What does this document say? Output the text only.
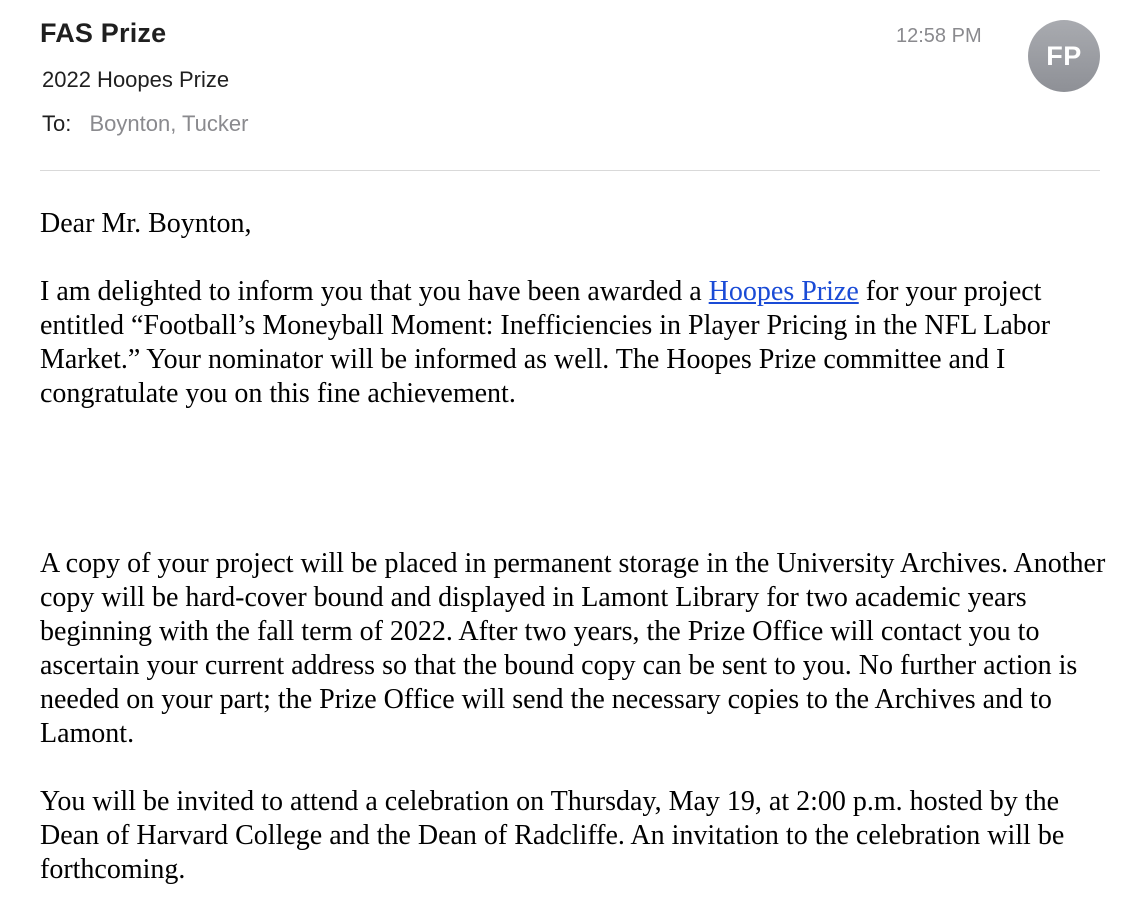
FAS Prize
2022 Hoopes Prize
To: Boynton, Tucker
12:58 PM
FP

Dear Mr. Boynton,

I am delighted to inform you that you have been awarded a Hoopes Prize for your project entitled “Football’s Moneyball Moment: Inefficiencies in Player Pricing in the NFL Labor Market.” Your nominator will be informed as well. The Hoopes Prize committee and I congratulate you on this fine achievement.

A copy of your project will be placed in permanent storage in the University Archives. Another copy will be hard-cover bound and displayed in Lamont Library for two academic years beginning with the fall term of 2022. After two years, the Prize Office will contact you to ascertain your current address so that the bound copy can be sent to you. No further action is needed on your part; the Prize Office will send the necessary copies to the Archives and to Lamont.

You will be invited to attend a celebration on Thursday, May 19, at 2:00 p.m. hosted by the Dean of Harvard College and the Dean of Radcliffe. An invitation to the celebration will be forthcoming.
